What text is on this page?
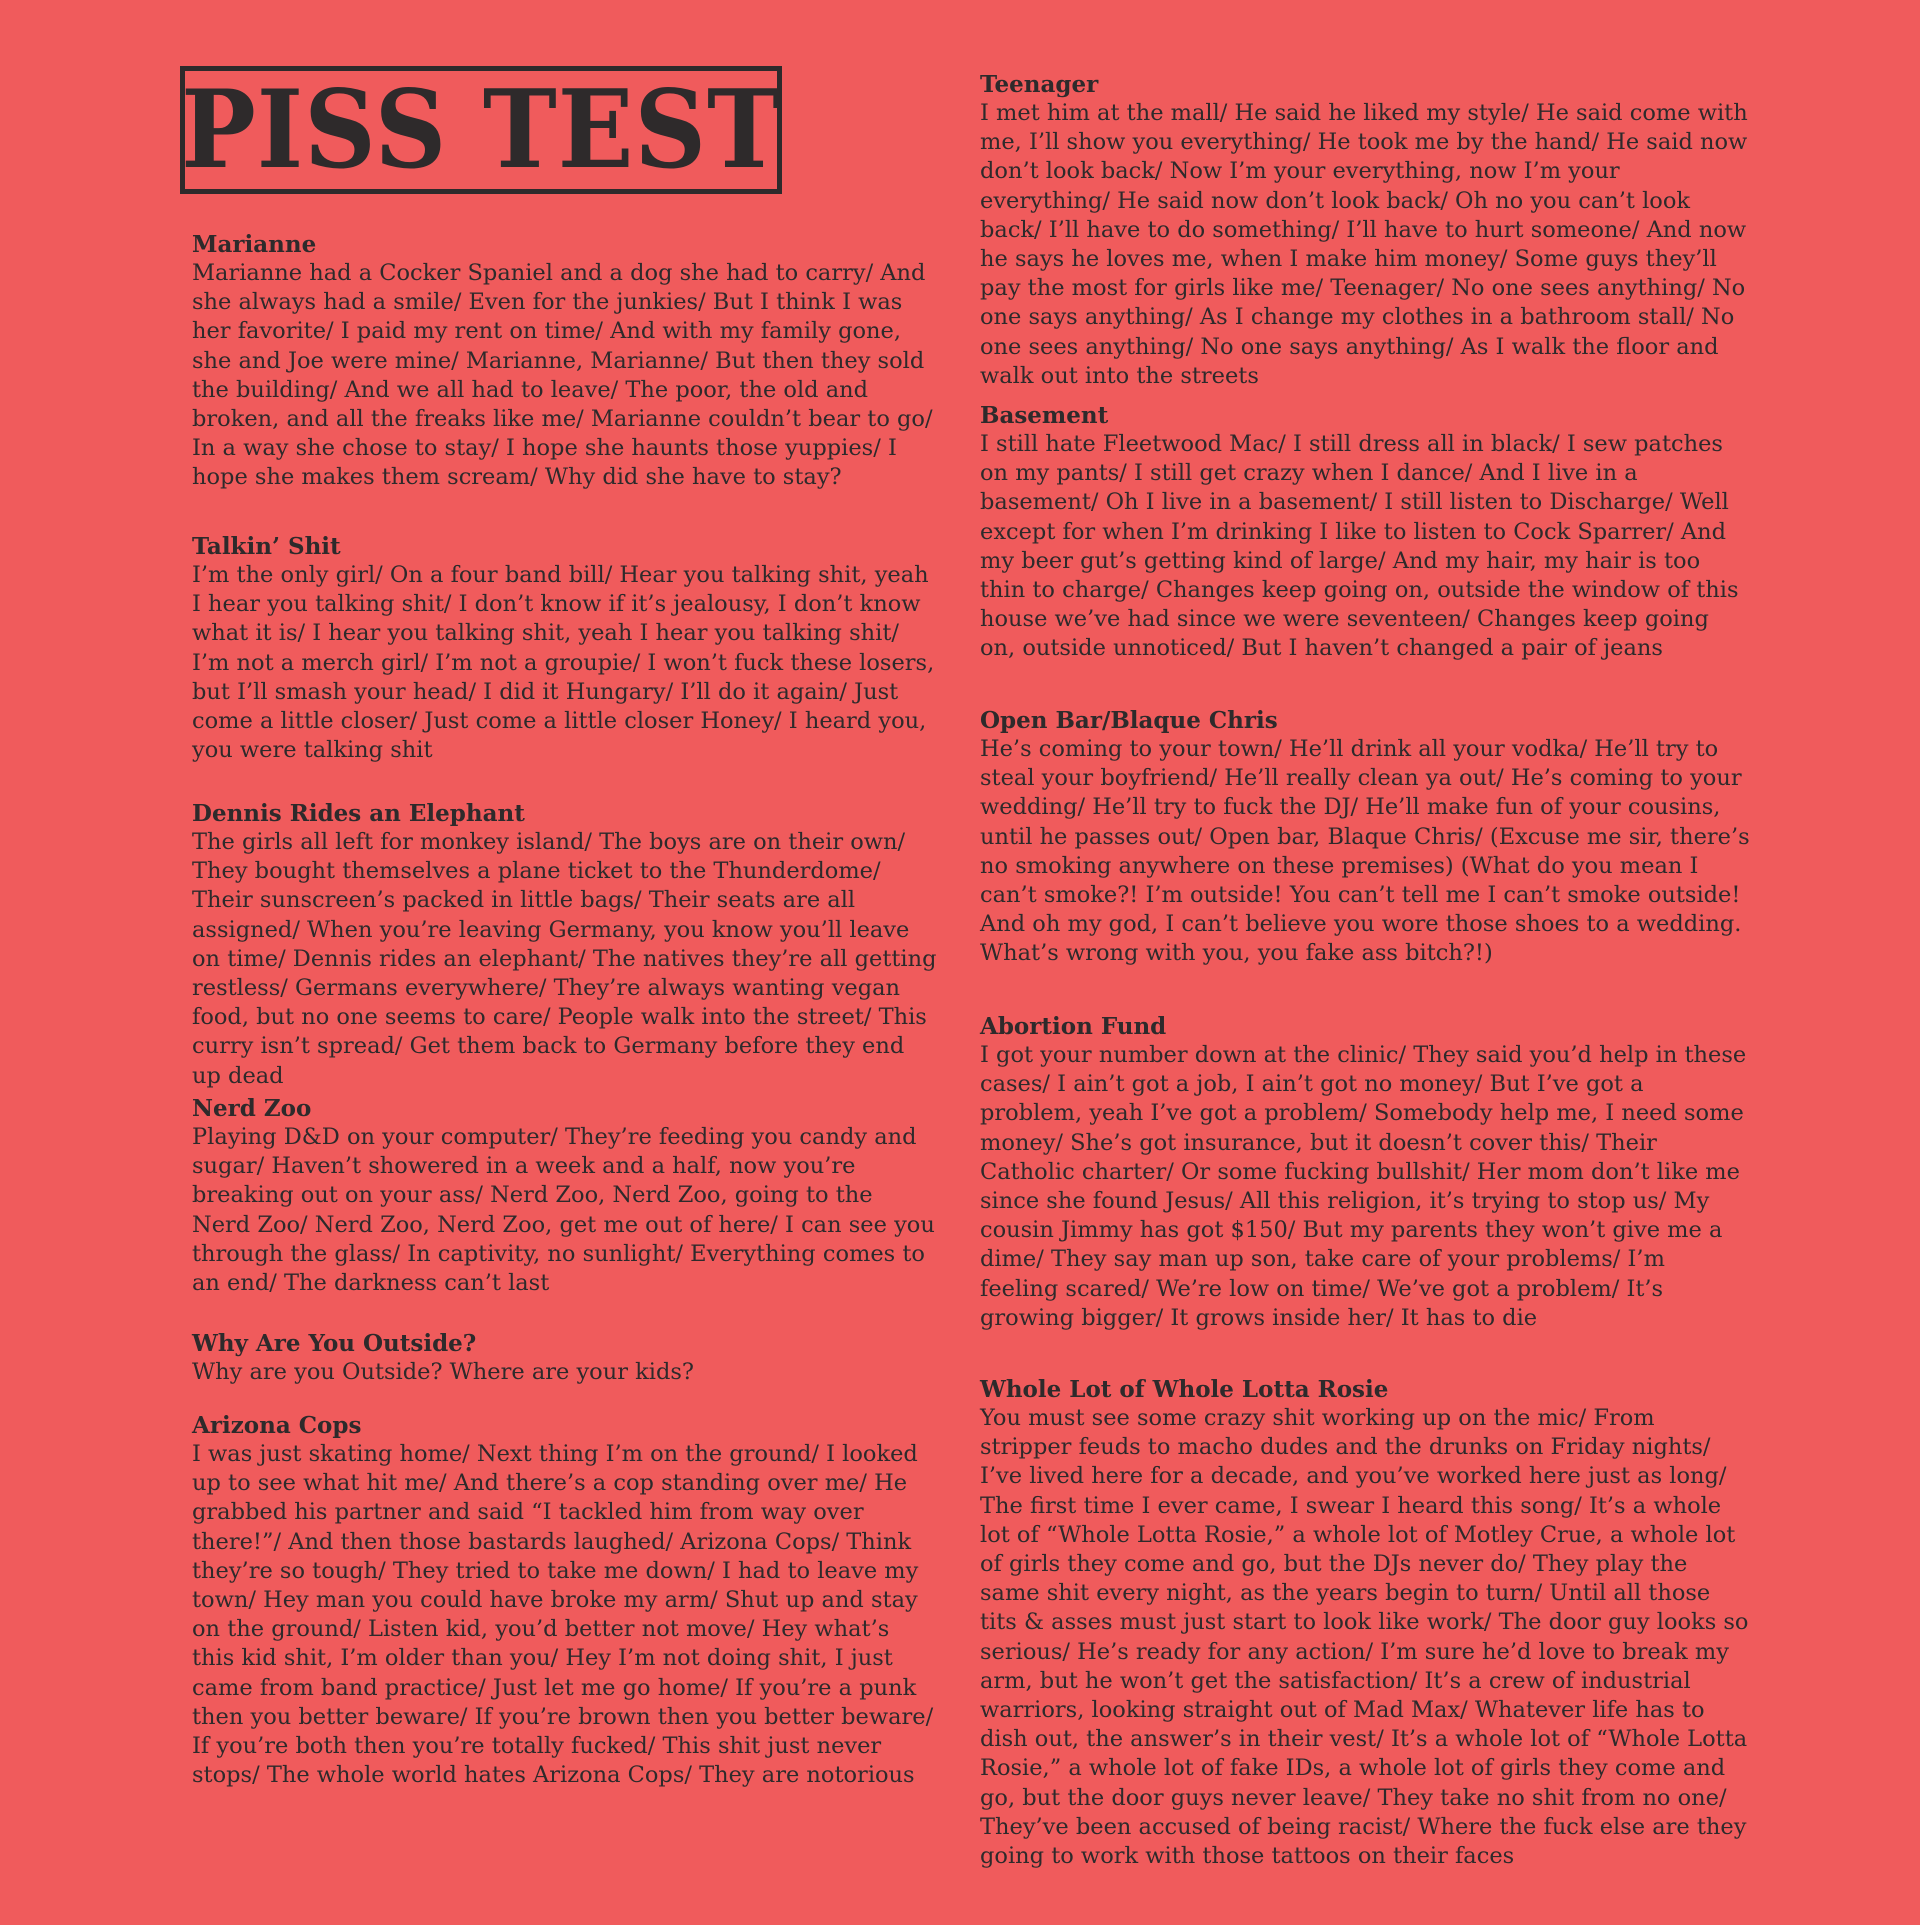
PISS TEST
Marianne

Marianne had a Cocker Spaniel and a dog she had to carry/ And she always had a smile/ Even for the junkies/ But I think I was her favorite/ I paid my rent on time/ And with my family gone, she and Joe were mine/ Marianne, Marianne/ But then they sold the building/ And we all had to leave/ The poor, the old and broken, and all the freaks like me/ Marianne couldn’t bear to go/ In a way she chose to stay/ I hope she haunts those yuppies/ I hope she makes them scream/ Why did she have to stay?

Talkin’ Shit

I’m the only girl/ On a four band bill/ Hear you talking shit, yeah I hear you talking shit/ I don’t know if it’s jealousy, I don’t know what it is/ I hear you talking shit, yeah I hear you talking shit/ I’m not a merch girl/ I’m not a groupie/ I won’t fuck these losers, but I’ll smash your head/ I did it Hungary/ I’ll do it again/ Just come a little closer/ Just come a little closer Honey/ I heard you, you were talking shit

Dennis Rides an Elephant

The girls all left for monkey island/ The boys are on their own/ They bought themselves a plane ticket to the Thunderdome/ Their sunscreen’s packed in little bags/ Their seats are all assigned/ When you’re leaving Germany, you know you’ll leave on time/ Dennis rides an elephant/ The natives they’re all getting restless/ Germans everywhere/ They’re always wanting vegan food, but no one seems to care/ People walk into the street/ This curry isn’t spread/ Get them back to Germany before they end up dead

Nerd Zoo

Playing D&D on your computer/ They’re feeding you candy and sugar/ Haven’t showered in a week and a half, now you’re breaking out on your ass/ Nerd Zoo, Nerd Zoo, going to the Nerd Zoo/ Nerd Zoo, Nerd Zoo, get me out of here/ I can see you through the glass/ In captivity, no sunlight/ Everything comes to an end/ The darkness can’t last

Why Are You Outside?

Why are you Outside? Where are your kids?

Arizona Cops

I was just skating home/ Next thing I’m on the ground/ I looked up to see what hit me/ And there’s a cop standing over me/ He grabbed his partner and said “I tackled him from way over there!”/ And then those bastards laughed/ Arizona Cops/ Think they’re so tough/ They tried to take me down/ I had to leave my town/ Hey man you could have broke my arm/ Shut up and stay on the ground/ Listen kid, you’d better not move/ Hey what’s this kid shit, I’m older than you/ Hey I’m not doing shit, I just came from band practice/ Just let me go home/ If you’re a punk then you better beware/ If you’re brown then you better beware/ If you’re both then you’re totally fucked/ This shit just never stops/ The whole world hates Arizona Cops/ They are notorious

Teenager

I met him at the mall/ He said he liked my style/ He said come with me, I’ll show you everything/ He took me by the hand/ He said now don’t look back/ Now I’m your everything, now I’m your everything/ He said now don’t look back/ Oh no you can’t look back/ I’ll have to do something/ I’ll have to hurt someone/ And now he says he loves me, when I make him money/ Some guys they’ll pay the most for girls like me/ Teenager/ No one sees anything/ No one says anything/ As I change my clothes in a bathroom stall/ No one sees anything/ No one says anything/ As I walk the floor and walk out into the streets

Basement

I still hate Fleetwood Mac/ I still dress all in black/ I sew patches on my pants/ I still get crazy when I dance/ And I live in a basement/ Oh I live in a basement/ I still listen to Discharge/ Well except for when I’m drinking I like to listen to Cock Sparrer/ And my beer gut’s getting kind of large/ And my hair, my hair is too thin to charge/ Changes keep going on, outside the window of this house we’ve had since we were seventeen/ Changes keep going on, outside unnoticed/ But I haven’t changed a pair of jeans

Open Bar/Blaque Chris

He’s coming to your town/ He’ll drink all your vodka/ He’ll try to steal your boyfriend/ He’ll really clean ya out/ He’s coming to your wedding/ He’ll try to fuck the DJ/ He’ll make fun of your cousins, until he passes out/ Open bar, Blaque Chris/ (Excuse me sir, there’s no smoking anywhere on these premises) (What do you mean I can’t smoke?! I’m outside! You can’t tell me I can’t smoke outside! And oh my god, I can’t believe you wore those shoes to a wedding. What’s wrong with you, you fake ass bitch?!)

Abortion Fund

I got your number down at the clinic/ They said you’d help in these cases/ I ain’t got a job, I ain’t got no money/ But I’ve got a problem, yeah I’ve got a problem/ Somebody help me, I need some money/ She’s got insurance, but it doesn’t cover this/ Their Catholic charter/ Or some fucking bullshit/ Her mom don’t like me since she found Jesus/ All this religion, it’s trying to stop us/ My cousin Jimmy has got $150/ But my parents they won’t give me a dime/ They say man up son, take care of your problems/ I’m feeling scared/ We’re low on time/ We’ve got a problem/ It’s growing bigger/ It grows inside her/ It has to die

Whole Lot of Whole Lotta Rosie

You must see some crazy shit working up on the mic/ From stripper feuds to macho dudes and the drunks on Friday nights/ I’ve lived here for a decade, and you’ve worked here just as long/ The first time I ever came, I swear I heard this song/ It’s a whole lot of “Whole Lotta Rosie,” a whole lot of Motley Crue, a whole lot of girls they come and go, but the DJs never do/ They play the same shit every night, as the years begin to turn/ Until all those tits & asses must just start to look like work/ The door guy looks so serious/ He’s ready for any action/ I’m sure he’d love to break my arm, but he won’t get the satisfaction/ It’s a crew of industrial warriors, looking straight out of Mad Max/ Whatever life has to dish out, the answer’s in their vest/ It’s a whole lot of “Whole Lotta Rosie,” a whole lot of fake IDs, a whole lot of girls they come and go, but the door guys never leave/ They take no shit from no one/ They’ve been accused of being racist/ Where the fuck else are they going to work with those tattoos on their faces
